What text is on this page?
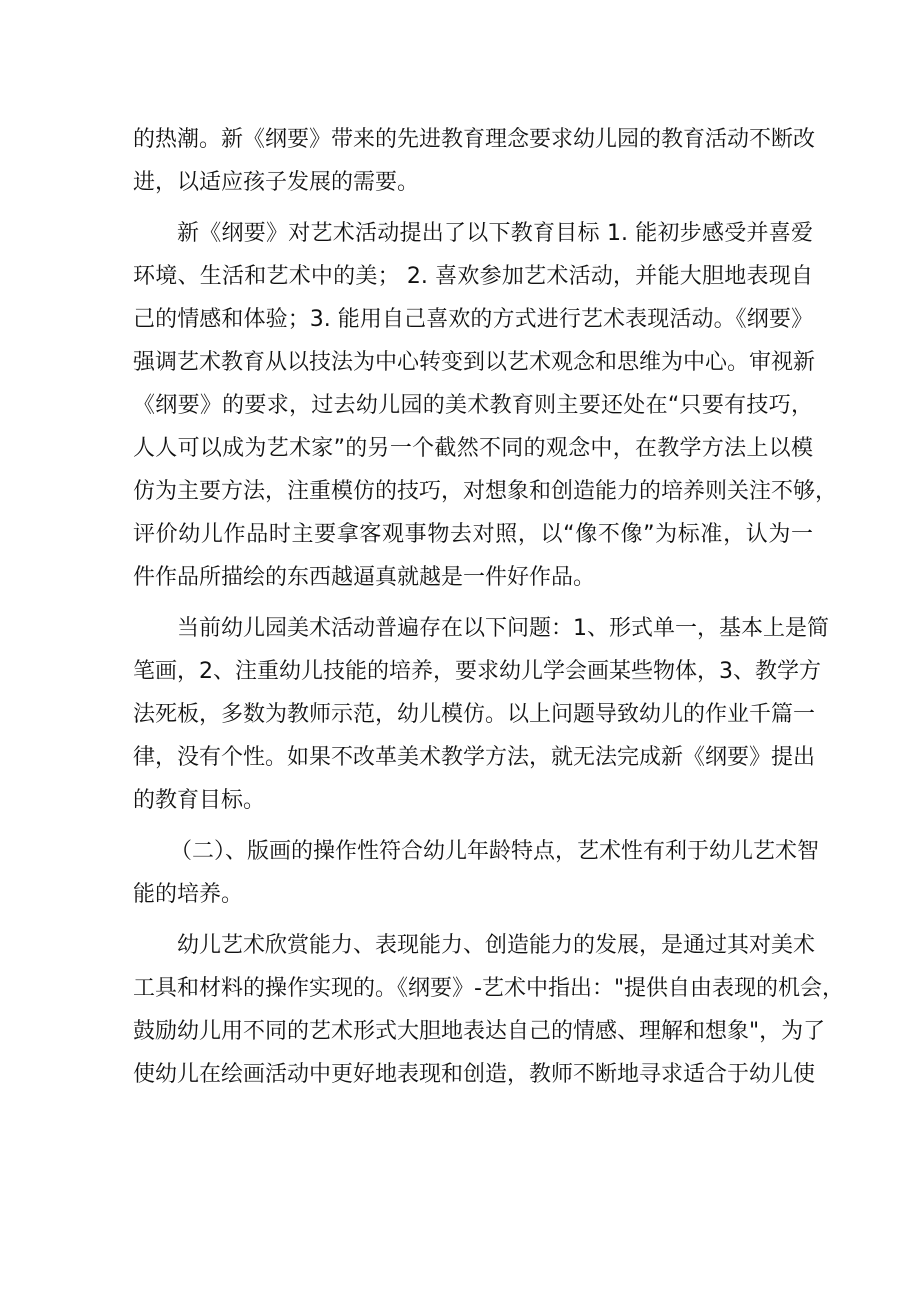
的热潮。新《纲要》带来的先进教育理念要求幼儿园的教育活动不断改
进，以适应孩子发展的需要。
新《纲要》对艺术活动提出了以下教育目标 1. 能初步感受并喜爱
环境、生活和艺术中的美； 2. 喜欢参加艺术活动，并能大胆地表现自
己的情感和体验；3. 能用自己喜欢的方式进行艺术表现活动。《纲要》
强调艺术教育从以技法为中心转变到以艺术观念和思维为中心。审视新
《纲要》的要求，过去幼儿园的美术教育则主要还处在“只要有技巧，
人人可以成为艺术家”的另一个截然不同的观念中，在教学方法上以模
仿为主要方法，注重模仿的技巧，对想象和创造能力的培养则关注不够，
评价幼儿作品时主要拿客观事物去对照，以“像不像”为标准，认为一
件作品所描绘的东西越逼真就越是一件好作品。
当前幼儿园美术活动普遍存在以下问题：1、形式单一，基本上是简
笔画，2、注重幼儿技能的培养，要求幼儿学会画某些物体，3、教学方
法死板，多数为教师示范，幼儿模仿。以上问题导致幼儿的作业千篇一
律，没有个性。如果不改革美术教学方法，就无法完成新《纲要》提出
的教育目标。
（二）、版画的操作性符合幼儿年龄特点，艺术性有利于幼儿艺术智
能的培养。
幼儿艺术欣赏能力、表现能力、创造能力的发展，是通过其对美术
工具和材料的操作实现的。《纲要》-艺术中指出："提供自由表现的机会，
鼓励幼儿用不同的艺术形式大胆地表达自己的情感、理解和想象"，为了
使幼儿在绘画活动中更好地表现和创造，教师不断地寻求适合于幼儿使
